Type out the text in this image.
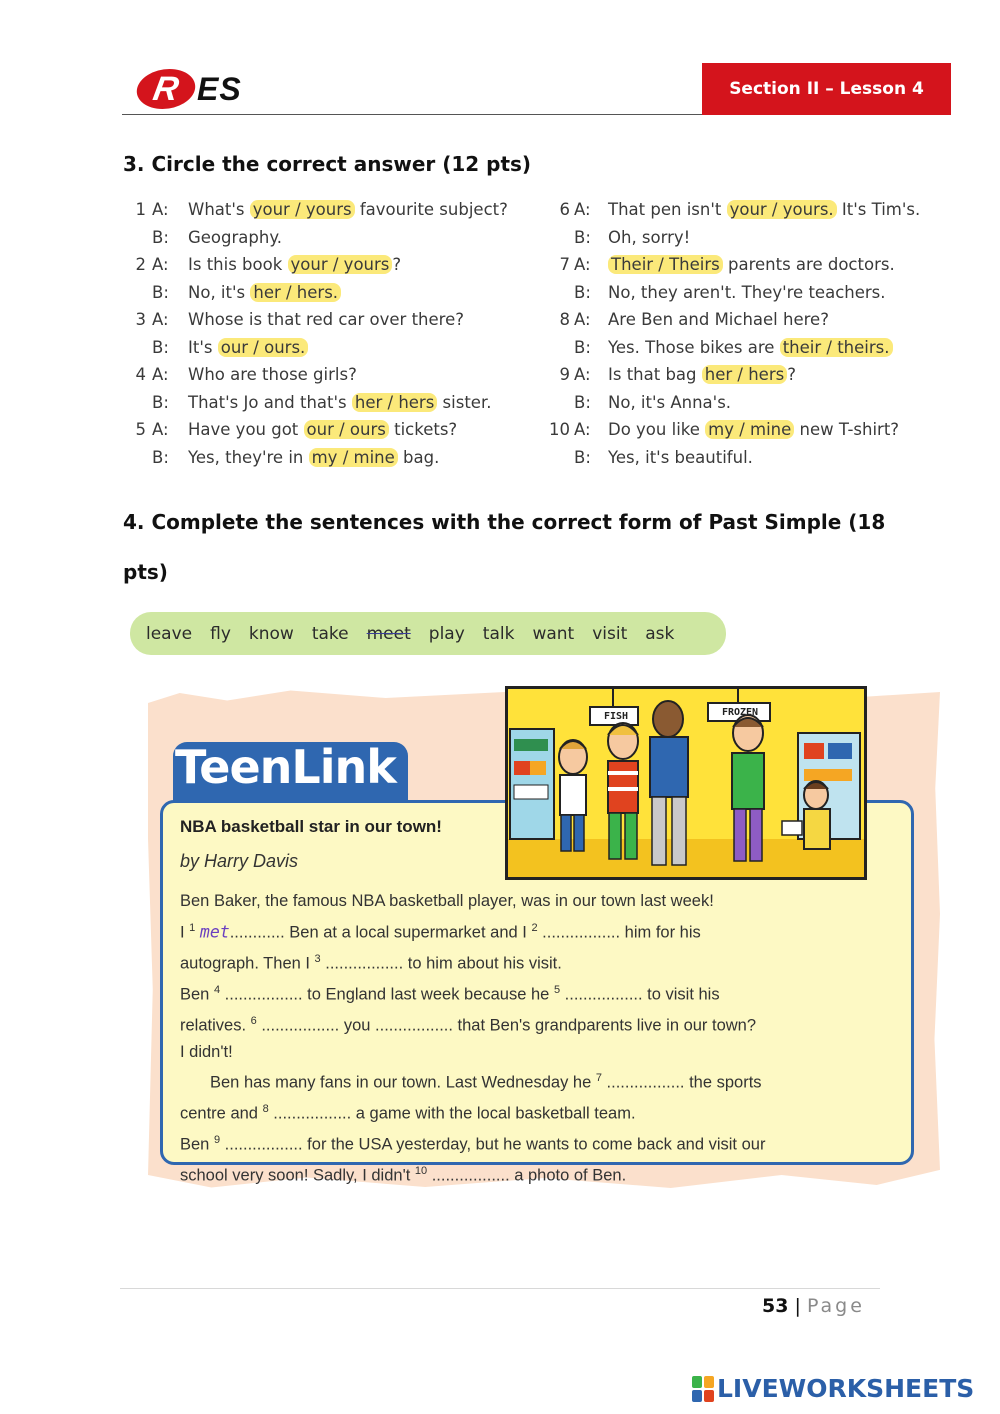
R ES	Section II – Lesson 4
3. Circle the correct answer (12 pts)
1 A: What's your / yours favourite subject?
B: Geography.
2 A: Is this book your / yours ?
B: No, it's her / hers.
3 A: Whose is that red car over there?
B: It's our / ours.
4 A: Who are those girls?
B: That's Jo and that's her / hers sister.
5 A: Have you got our / ours tickets?
B: Yes, they're in my / mine bag.
6 A: That pen isn't your / yours. It's Tim's.
B: Oh, sorry!
7 A: Their / Theirs parents are doctors.
B: No, they aren't. They're teachers.
8 A: Are Ben and Michael here?
B: Yes. Those bikes are their / theirs.
9 A: Is that bag her / hers ?
B: No, it's Anna's.
10 A: Do you like my / mine new T-shirt?
B: Yes, it's beautiful.
4. Complete the sentences with the correct form of Past Simple (18
pts)
leave fly know take meet play talk want visit ask
TeenLink
FISH	FROZEN
NBA basketball star in our town!
by Harry Davis
Ben Baker, the famous NBA basketball player, was in our town last week!
I $^1$ met............ Ben at a local supermarket and I $^2$ ................. him for his
autograph. Then I $^3$ ................. to him about his visit.
Ben $^4$ ................. to England last week because he $^5$ ................. to visit his
relatives. $^6$ ................. you ................. that Ben's grandparents live in our town?
I didn't!
Ben has many fans in our town. Last Wednesday he $^7$ ................. the sports
centre and $^8$ ................. a game with the local basketball team.
Ben $^9$ ................. for the USA yesterday, but he wants to come back and visit our
school very soon! Sadly, I didn't $^{10}$ ................. a photo of Ben.
53 | Page
LIVEWORKSHEETS
